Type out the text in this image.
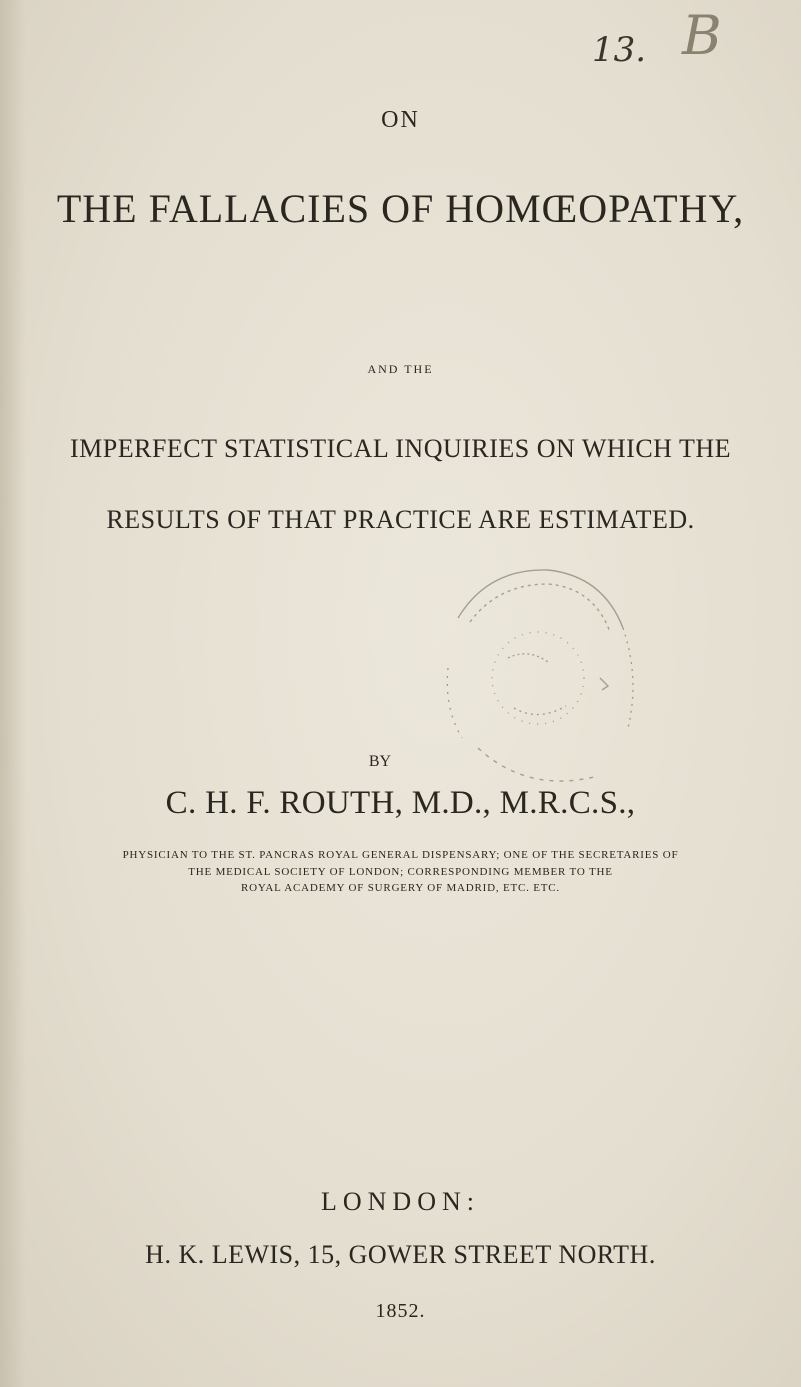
13. B
ON
THE FALLACIES OF HOMŒOPATHY,
AND THE
IMPERFECT STATISTICAL INQUIRIES ON WHICH THE
RESULTS OF THAT PRACTICE ARE ESTIMATED.
BY
C. H. F. ROUTH, M.D., M.R.C.S.,
PHYSICIAN TO THE ST. PANCRAS ROYAL GENERAL DISPENSARY; ONE OF THE SECRETARIES OF
THE MEDICAL SOCIETY OF LONDON; CORRESPONDING MEMBER TO THE
ROYAL ACADEMY OF SURGERY OF MADRID, ETC. ETC.
LONDON:
H. K. LEWIS, 15, GOWER STREET NORTH.
1852.
